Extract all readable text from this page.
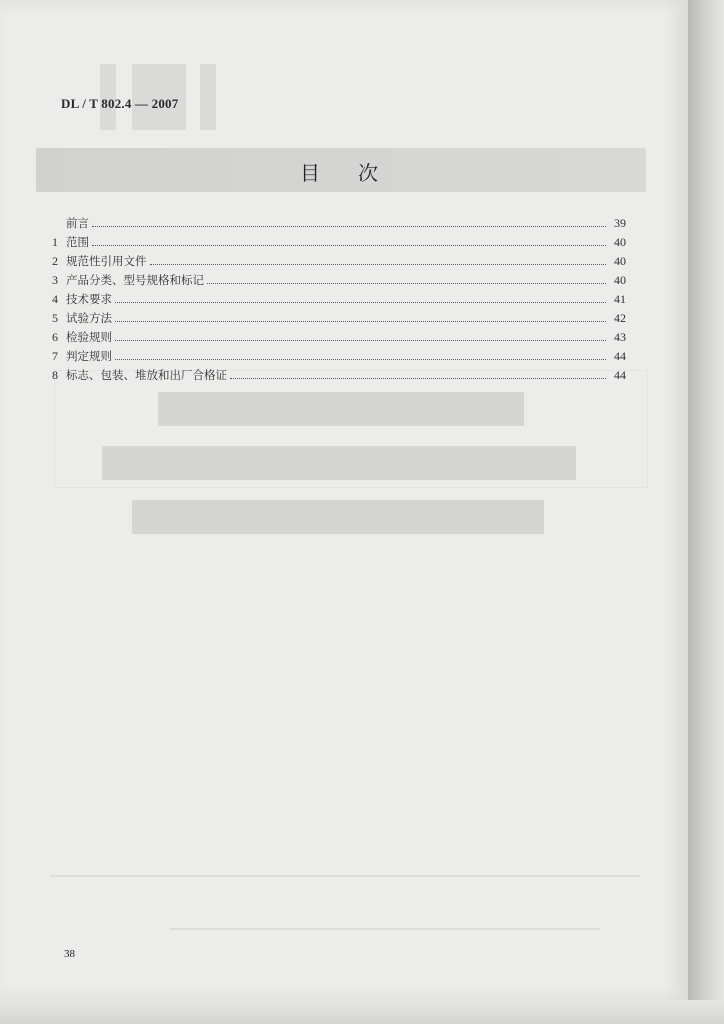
DL / T 802.4 — 2007
目 次
前言	39
1 范围	40
2 规范性引用文件	40
3 产品分类、型号规格和标记	40
4 技术要求	41
5 试验方法	42
6 检验规则	43
7 判定规则	44
8 标志、包装、堆放和出厂合格证	44
38
